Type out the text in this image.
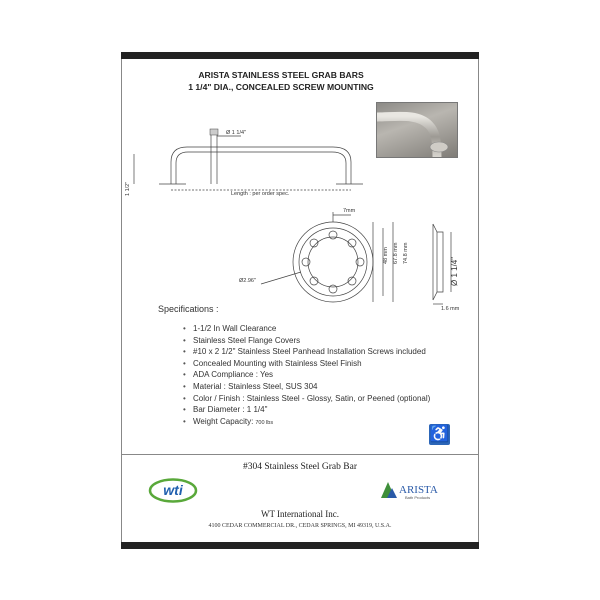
ARISTA STAINLESS STEEL GRAB BARS
1 1/4" DIA., CONCEALED SCREW MOUNTING
Ø 1 1/4"
Length : per order spec.
1 1/2"
7mm
Ø2.96"
48 mm 67.8 mm 74.8 mm
Ø 1 1/4"
1.6 mm
Specifications :
• 1-1/2 In Wall Clearance
• Stainless Steel Flange Covers
• #10 x 2 1/2" Stainless Steel Panhead Installation Screws included
• Concealed Mounting with Stainless Steel Finish
• ADA Compliance : Yes
• Material : Stainless Steel, SUS 304
• Color / Finish : Stainless Steel - Glossy, Satin, or Peened (optional)
• Bar Diameter : 1 1/4"
• Weight Capacity: 700 lbs
♿
#304 Stainless Steel Grab Bar
wti	ARISTA
Bath Products
WT International Inc.
4100 CEDAR COMMERCIAL DR., CEDAR SPRINGS, MI 49319, U.S.A.
